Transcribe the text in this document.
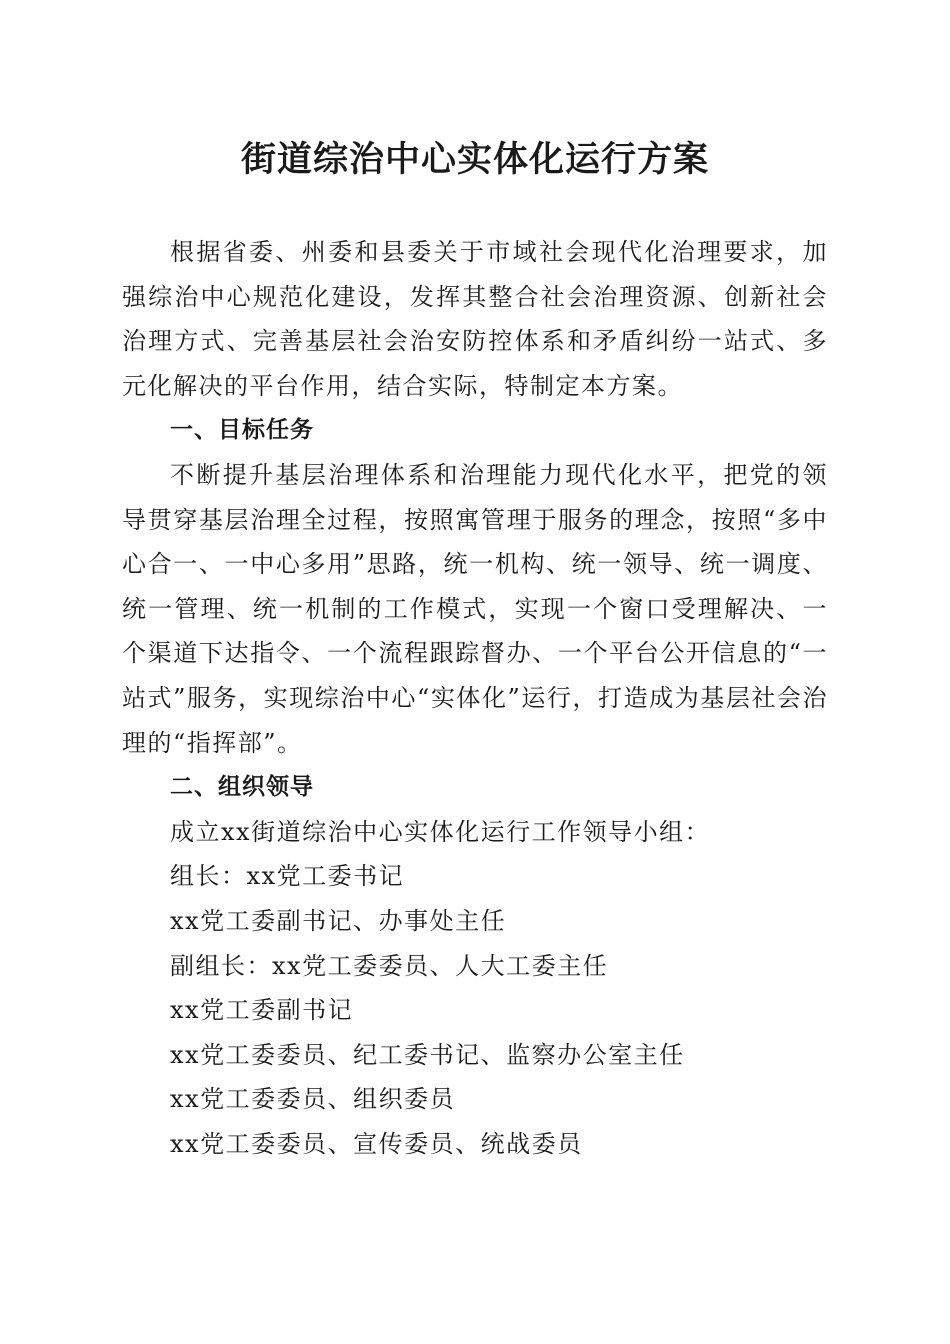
街道综治中心实体化运行方案

根据省委、州委和县委关于市域社会现代化治理要求，加强综治中心规范化建设，发挥其整合社会治理资源、创新社会治理方式、完善基层社会治安防控体系和矛盾纠纷一站式、多元化解决的平台作用，结合实际，特制定本方案。

一、目标任务

不断提升基层治理体系和治理能力现代化水平，把党的领导贯穿基层治理全过程，按照寓管理于服务的理念，按照“多中心合一、一中心多用”思路，统一机构、统一领导、统一调度、统一管理、统一机制的工作模式，实现一个窗口受理解决、一个渠道下达指令、一个流程跟踪督办、一个平台公开信息的“一站式”服务，实现综治中心“实体化”运行，打造成为基层社会治理的“指挥部”。

二、组织领导

成立xx街道综治中心实体化运行工作领导小组：

组长：xx党工委书记

xx党工委副书记、办事处主任

副组长：xx党工委委员、人大工委主任

xx党工委副书记

xx党工委委员、纪工委书记、监察办公室主任

xx党工委委员、组织委员

xx党工委委员、宣传委员、统战委员
